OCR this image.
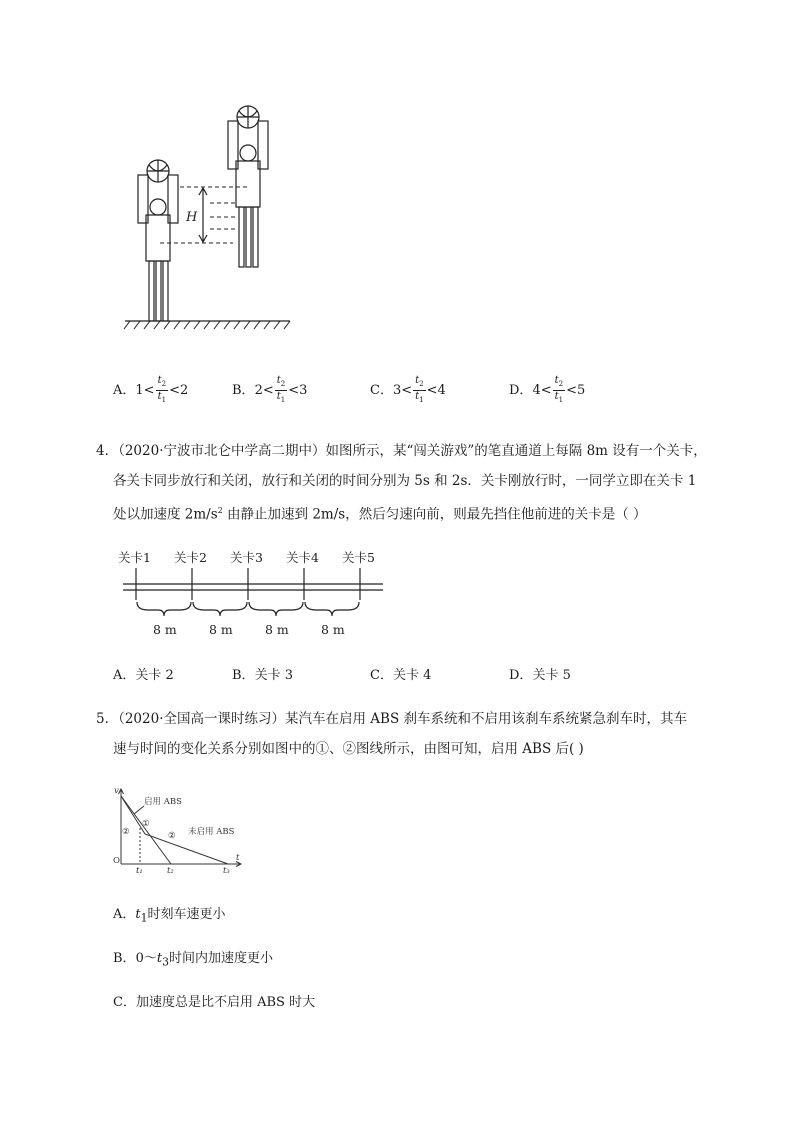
H
A．$1< \frac{t_2}{t_1} <2$	B．$2< \frac{t_2}{t_1} <3$	C．$3< \frac{t_2}{t_1} <4$	D．$4< \frac{t_2}{t_1} <5$
4．（2020·宁波市北仑中学高二期中）如图所示，某“闯关游戏”的笔直通道上每隔 8m 设有一个关卡，
各关卡同步放行和关闭，放行和关闭的时间分别为 5s 和 2s．关卡刚放行时，一同学立即在关卡 1
处以加速度 $2m/s^2$ 由静止加速到 2m/s，然后匀速向前，则最先挡住他前进的关卡是（ ）
关卡1 关卡2 关卡3 关卡4 关卡5
8 m	8 m	8 m	8 m
A．关卡 2	B．关卡 3	C．关卡 4	D．关卡 5
5．（2020·全国高一课时练习）某汽车在启用 ABS 刹车系统和不启用该刹车系统紧急刹车时，其车
速与时间的变化关系分别如图中的①、②图线所示，由图可知，启用 ABS 后( )
v
t
O
启用 ABS
未启用 ABS
①
②	②
t₁	t₂	t₃
A．$t_1$时刻车速更小
B．$0\sim t_3$时间内加速度更小
C．加速度总是比不启用 ABS 时大
